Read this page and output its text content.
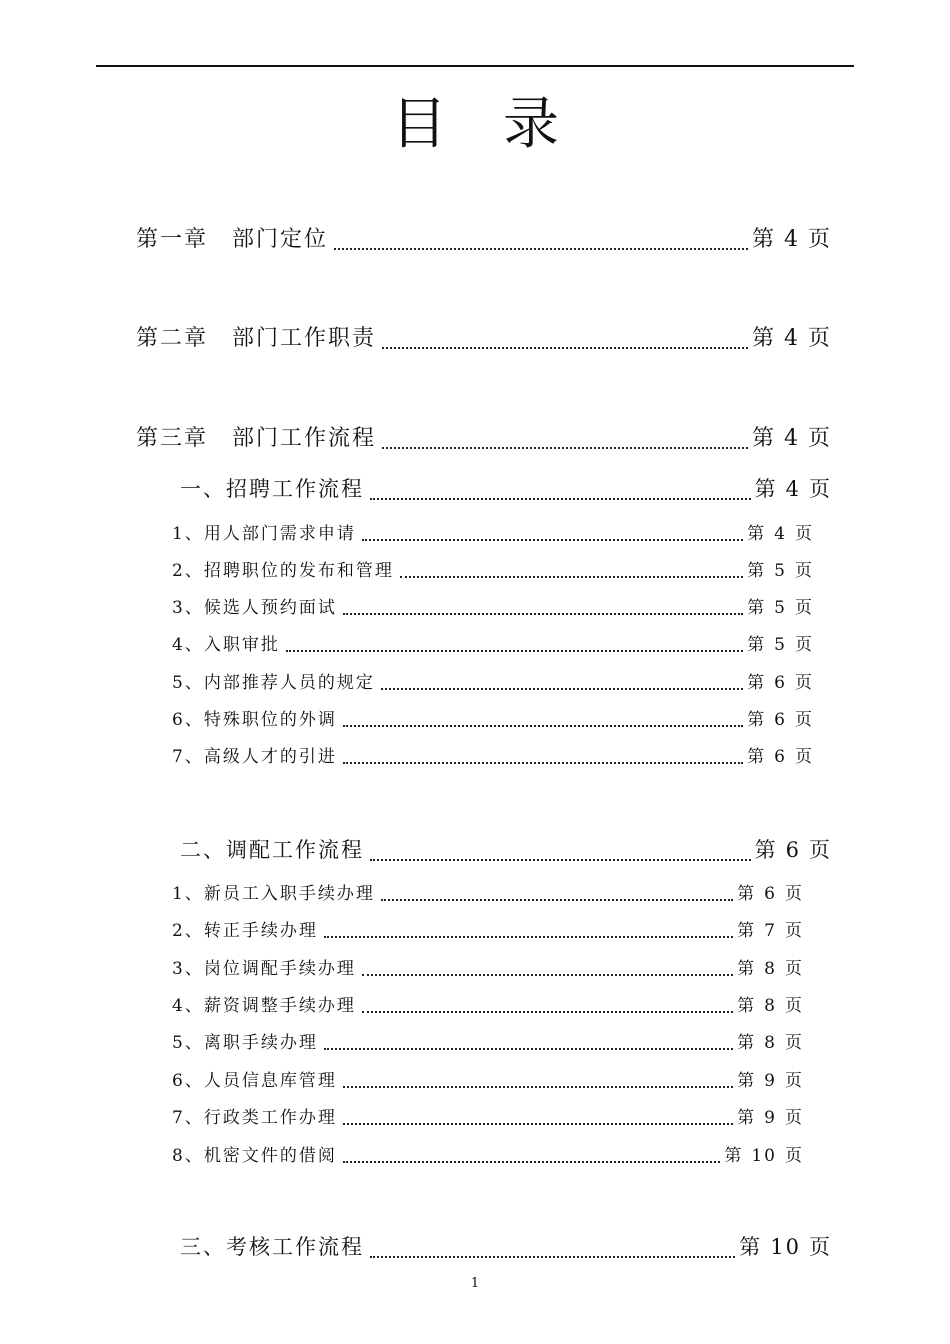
目录
第一章　部门定位	第 4 页
第二章　部门工作职责	第 4 页
第三章　部门工作流程	第 4 页
一、招聘工作流程	第 4 页
1、用人部门需求申请	第 4 页
2、招聘职位的发布和管理	第 5 页
3、候选人预约面试	第 5 页
4、入职审批	第 5 页
5、内部推荐人员的规定	第 6 页
6、特殊职位的外调	第 6 页
7、高级人才的引进	第 6 页
二、调配工作流程	第 6 页
1、新员工入职手续办理	第 6 页
2、转正手续办理	第 7 页
3、岗位调配手续办理	第 8 页
4、薪资调整手续办理	第 8 页
5、离职手续办理	第 8 页
6、人员信息库管理	第 9 页
7、行政类工作办理	第 9 页
8、机密文件的借阅	第 10 页
三、考核工作流程	第 10 页
1
